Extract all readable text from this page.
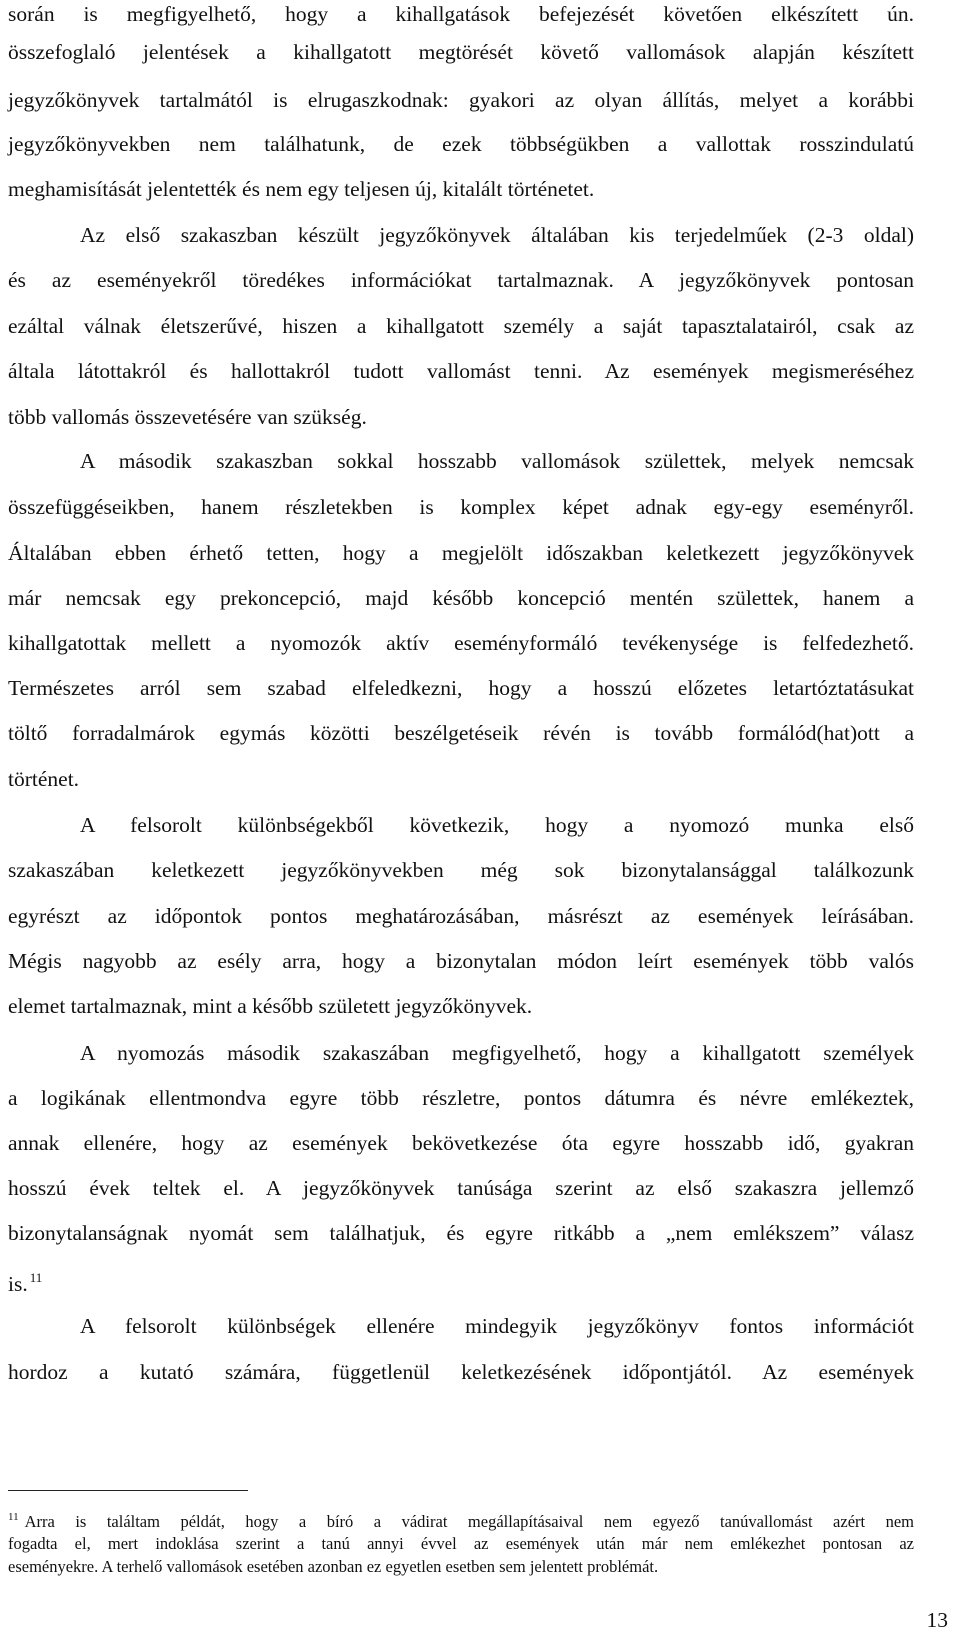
során is megfigyelhető, hogy a kihallgatások befejezését követően elkészített ún.
összefoglaló jelentések a kihallgatott megtörését követő vallomások alapján készített
jegyzőkönyvek tartalmától is elrugaszkodnak: gyakori az olyan állítás, melyet a korábbi
jegyzőkönyvekben nem találhatunk, de ezek többségükben a vallottak rosszindulatú
meghamisítását jelentették és nem egy teljesen új, kitalált történetet.
Az első szakaszban készült jegyzőkönyvek általában kis terjedelműek (2-3 oldal)
és az eseményekről töredékes információkat tartalmaznak. A jegyzőkönyvek pontosan
ezáltal válnak életszerűvé, hiszen a kihallgatott személy a saját tapasztalatairól, csak az
általa látottakról és hallottakról tudott vallomást tenni. Az események megismeréséhez
több vallomás összevetésére van szükség.
A második szakaszban sokkal hosszabb vallomások születtek, melyek nemcsak
összefüggéseikben, hanem részletekben is komplex képet adnak egy-egy eseményről.
Általában ebben érhető tetten, hogy a megjelölt időszakban keletkezett jegyzőkönyvek
már nemcsak egy prekoncepció, majd később koncepció mentén születtek, hanem a
kihallgatottak mellett a nyomozók aktív eseményformáló tevékenysége is felfedezhető.
Természetes arról sem szabad elfeledkezni, hogy a hosszú előzetes letartóztatásukat
töltő forradalmárok egymás közötti beszélgetéseik révén is tovább formálód(hat)ott a
történet.
A felsorolt különbségekből következik, hogy a nyomozó munka első
szakaszában keletkezett jegyzőkönyvekben még sok bizonytalansággal találkozunk
egyrészt az időpontok pontos meghatározásában, másrészt az események leírásában.
Mégis nagyobb az esély arra, hogy a bizonytalan módon leírt események több valós
elemet tartalmaznak, mint a később született jegyzőkönyvek.
A nyomozás második szakaszában megfigyelhető, hogy a kihallgatott személyek
a logikának ellentmondva egyre több részletre, pontos dátumra és névre emlékeztek,
annak ellenére, hogy az események bekövetkezése óta egyre hosszabb idő, gyakran
hosszú évek teltek el. A jegyzőkönyvek tanúsága szerint az első szakaszra jellemző
bizonytalanságnak nyomát sem találhatjuk, és egyre ritkább a „nem emlékszem” válasz
is. $^{11}$
A felsorolt különbségek ellenére mindegyik jegyzőkönyv fontos információt
hordoz a kutató számára, függetlenül keletkezésének időpontjától. Az események
$^{11}$ Arra is találtam példát, hogy a bíró a vádirat megállapításaival nem egyező tanúvallomást azért nem
fogadta el, mert indoklása szerint a tanú annyi évvel az események után már nem emlékezhet pontosan az
eseményekre. A terhelő vallomások esetében azonban ez egyetlen esetben sem jelentett problémát.
13
